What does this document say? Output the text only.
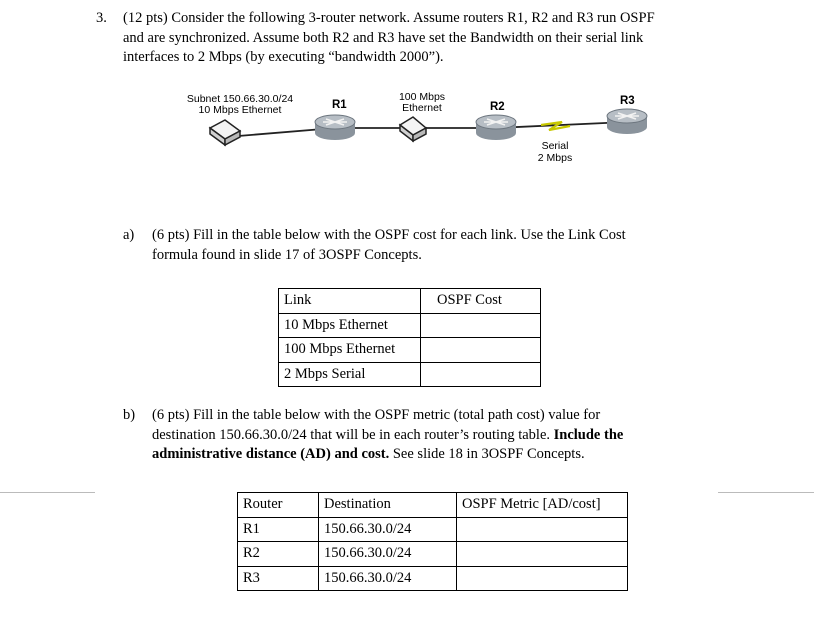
3. (12 pts) Consider the following 3-router network. Assume routers R1, R2 and R3 run OSPF
and are synchronized. Assume both R2 and R3 have set the Bandwidth on their serial link
interfaces to 2 Mbps (by executing “bandwidth 2000”).
Subnet 150.66.30.0/24
10 Mbps Ethernet	R1
100 Mbps
Ethernet	R2	R3
Serial
2 Mbps
a) (6 pts) Fill in the table below with the OSPF cost for each link. Use the Link Cost
formula found in slide 17 of 3OSPF Concepts.
Link	OSPF Cost
10 Mbps Ethernet	
100 Mbps Ethernet	
2 Mbps Serial	
b) (6 pts) Fill in the table below with the OSPF metric (total path cost) value for
destination 150.66.30.0/24 that will be in each router’s routing table. Include the
administrative distance (AD) and cost. See slide 18 in 3OSPF Concepts.
Router	Destination	OSPF Metric [AD/cost]
R1	150.66.30.0/24	
R2	150.66.30.0/24	
R3	150.66.30.0/24	
